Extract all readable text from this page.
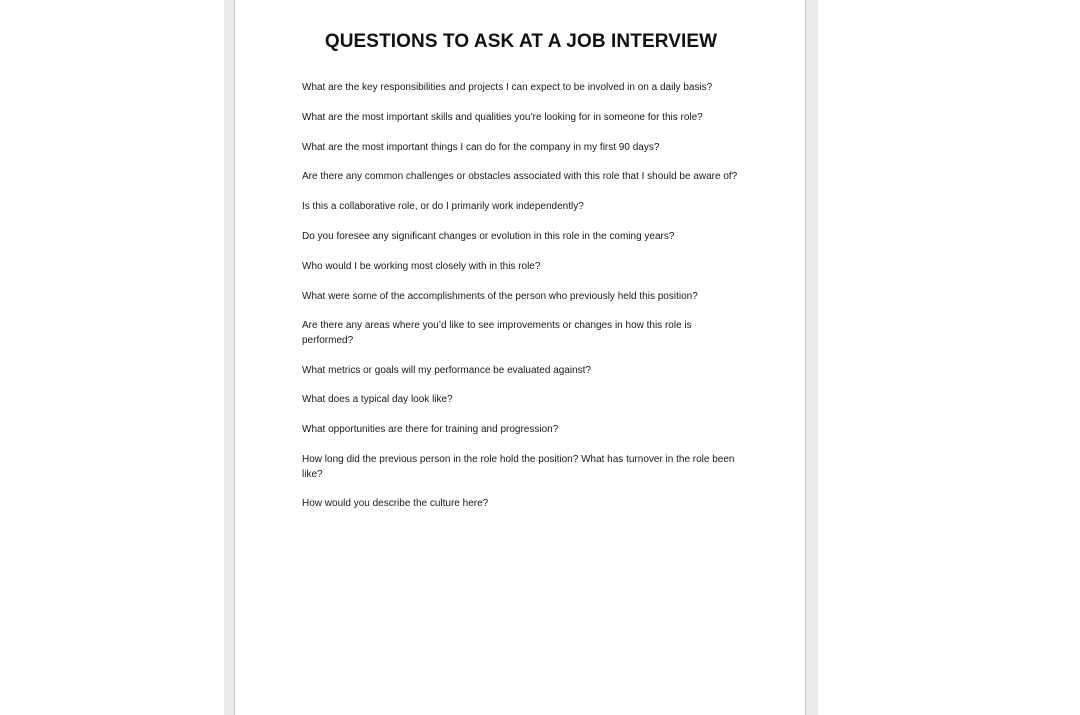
QUESTIONS TO ASK AT A JOB INTERVIEW
What are the key responsibilities and projects I can expect to be involved in on a daily basis?
What are the most important skills and qualities you’re looking for in someone for this role?
What are the most important things I can do for the company in my first 90 days?
Are there any common challenges or obstacles associated with this role that I should be aware of?
Is this a collaborative role, or do I primarily work independently?
Do you foresee any significant changes or evolution in this role in the coming years?
Who would I be working most closely with in this role?
What were some of the accomplishments of the person who previously held this position?
Are there any areas where you’d like to see improvements or changes in how this role is performed?
What metrics or goals will my performance be evaluated against?
What does a typical day look like?
What opportunities are there for training and progression?
How long did the previous person in the role hold the position? What has turnover in the role been like?
How would you describe the culture here?
